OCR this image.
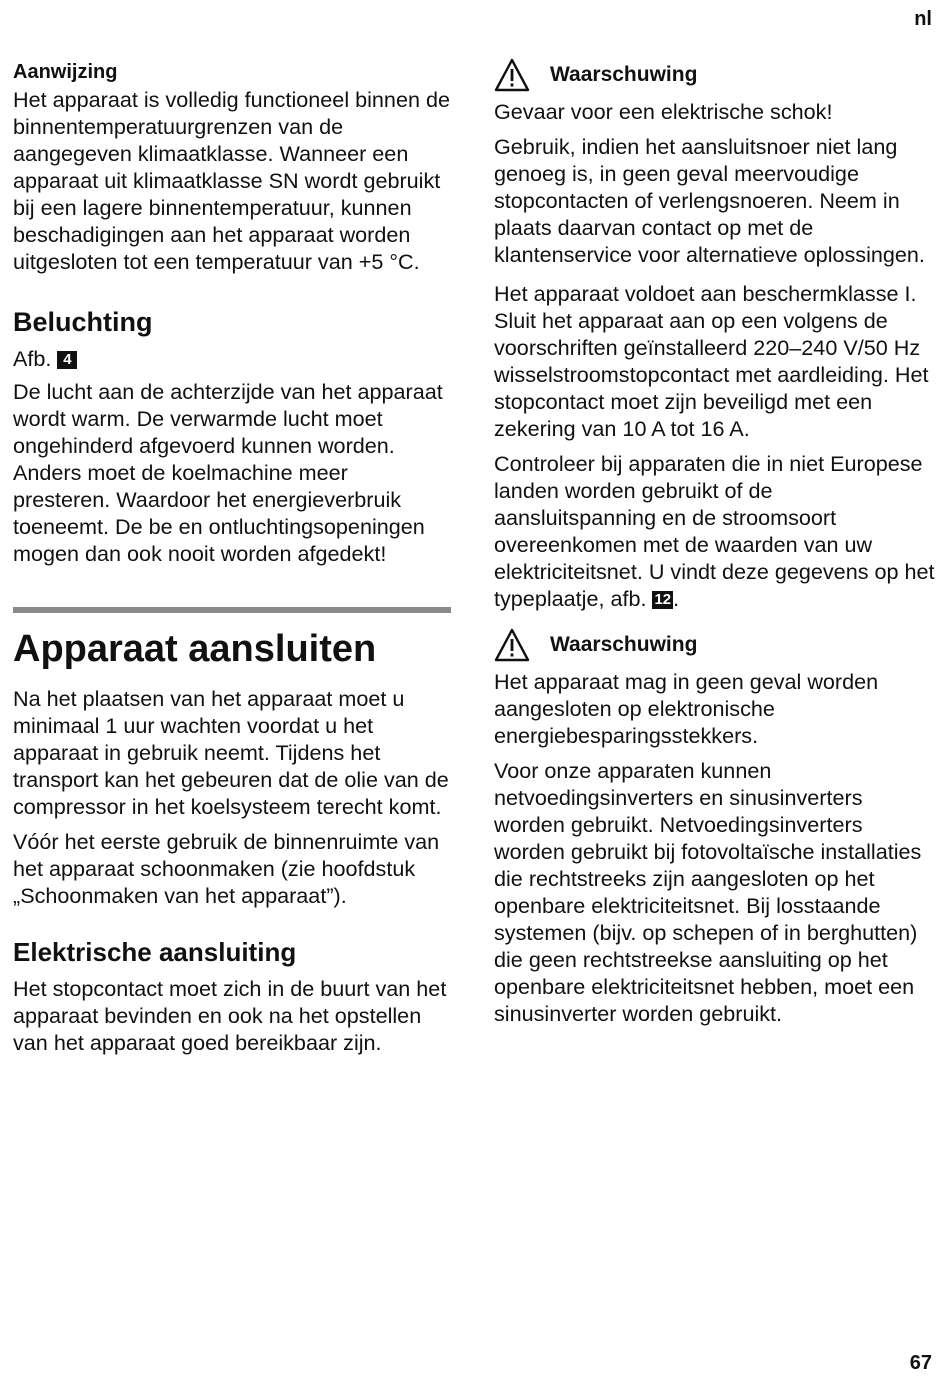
nl
Aanwijzing

Het apparaat is volledig functioneel binnen de binnentemperatuurgrenzen van de aangegeven klimaatklasse. Wanneer een apparaat uit klimaatklasse SN wordt gebruikt bij een lagere binnentemperatuur, kunnen beschadigingen aan het apparaat worden uitgesloten tot een temperatuur van +5 °C.

Beluchting

Afb. 4

De lucht aan de achterzijde van het apparaat wordt warm. De verwarmde lucht moet ongehinderd afgevoerd kunnen worden. Anders moet de koelmachine meer presteren. Waardoor het energieverbruik toeneemt. De be en ontluchtingsopeningen mogen dan ook nooit worden afgedekt!

Apparaat aansluiten

Na het plaatsen van het apparaat moet u minimaal 1 uur wachten voordat u het apparaat in gebruik neemt. Tijdens het transport kan het gebeuren dat de olie van de compressor in het koelsysteem terecht komt.

Vóór het eerste gebruik de binnenruimte van het apparaat schoonmaken (zie hoofdstuk „Schoonmaken van het apparaat”).

Elektrische aansluiting

Het stopcontact moet zich in de buurt van het apparaat bevinden en ook na het opstellen van het apparaat goed bereikbaar zijn.

Waarschuwing

Gevaar voor een elektrische schok!

Gebruik, indien het aansluitsnoer niet lang genoeg is, in geen geval meervoudige stopcontacten of verlengsnoeren. Neem in plaats daarvan contact op met de klantenservice voor alternatieve oplossingen.

Het apparaat voldoet aan beschermklasse I. Sluit het apparaat aan op een volgens de voorschriften geïnstalleerd 220–240 V/50 Hz wisselstroomstopcontact met aardleiding. Het stopcontact moet zijn beveiligd met een zekering van 10 A tot 16 A.

Controleer bij apparaten die in niet Europese landen worden gebruikt of de aansluitspanning en de stroomsoort overeenkomen met de waarden van uw elektriciteitsnet. U vindt deze gegevens op het typeplaatje, afb. 12.

Waarschuwing

Het apparaat mag in geen geval worden aangesloten op elektronische energiebesparingsstekkers.

Voor onze apparaten kunnen netvoedingsinverters en sinusinverters worden gebruikt. Netvoedingsinverters worden gebruikt bij fotovoltaïsche installaties die rechtstreeks zijn aangesloten op het openbare elektriciteitsnet. Bij losstaande systemen (bijv. op schepen of in berghutten) die geen rechtstreekse aansluiting op het openbare elektriciteitsnet hebben, moet een sinusinverter worden gebruikt.

67
